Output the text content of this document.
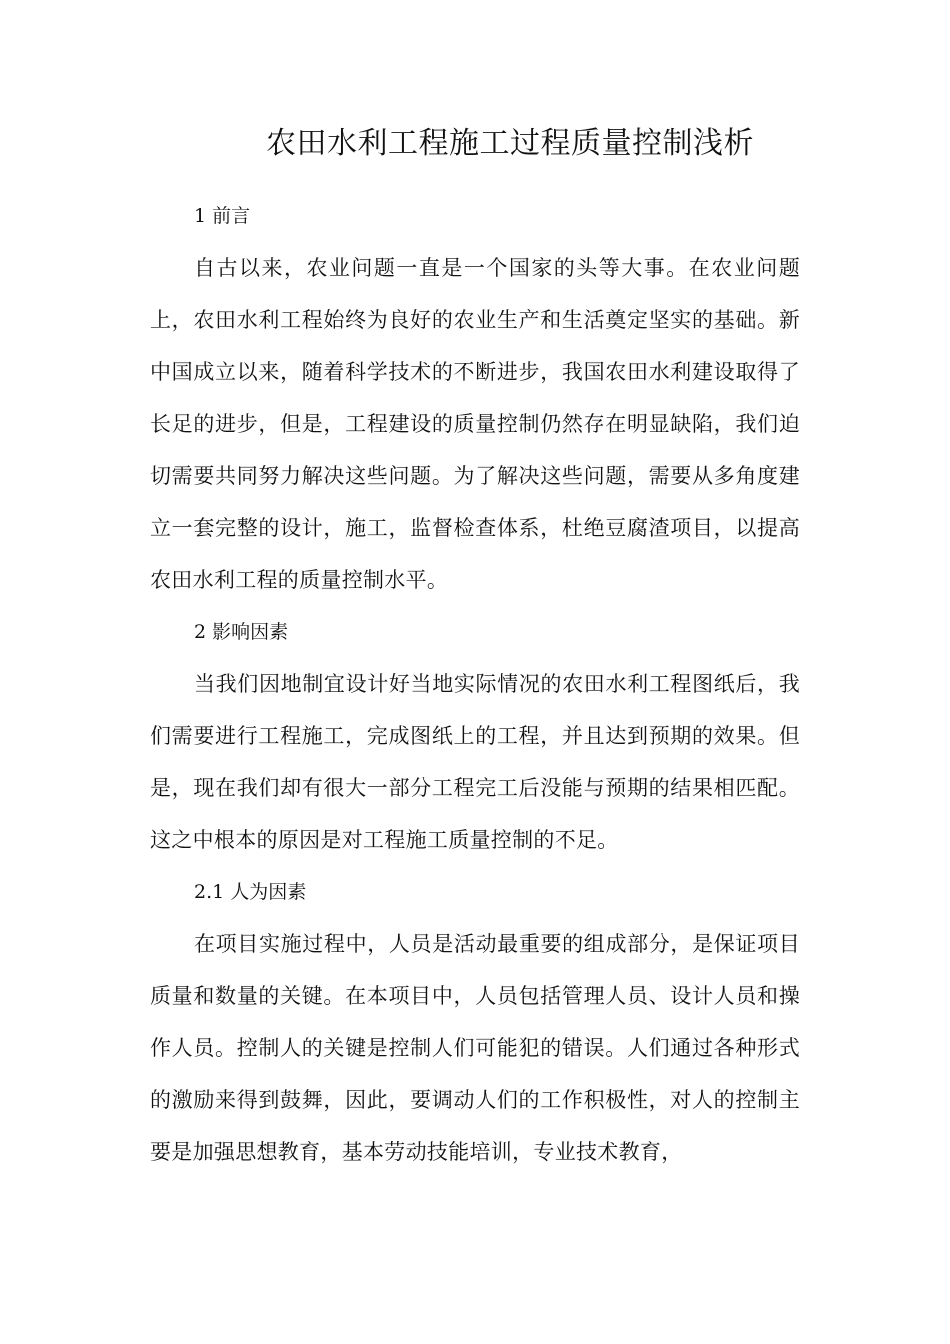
农田水利工程施工过程质量控制浅析

1 前言

自古以来，农业问题一直是一个国家的头等大事。在农业问题上，农田水利工程始终为良好的农业生产和生活奠定坚实的基础。新中国成立以来，随着科学技术的不断进步，我国农田水利建设取得了长足的进步，但是，工程建设的质量控制仍然存在明显缺陷，我们迫切需要共同努力解决这些问题。为了解决这些问题，需要从多角度建立一套完整的设计，施工，监督检查体系，杜绝豆腐渣项目，以提高农田水利工程的质量控制水平。

2 影响因素

当我们因地制宜设计好当地实际情况的农田水利工程图纸后，我们需要进行工程施工，完成图纸上的工程，并且达到预期的效果。但是，现在我们却有很大一部分工程完工后没能与预期的结果相匹配。这之中根本的原因是对工程施工质量控制的不足。

2.1 人为因素

在项目实施过程中，人员是活动最重要的组成部分，是保证项目质量和数量的关键。在本项目中，人员包括管理人员、设计人员和操作人员。控制人的关键是控制人们可能犯的错误。人们通过各种形式的激励来得到鼓舞，因此，要调动人们的工作积极性，对人的控制主要是加强思想教育，基本劳动技能培训，专业技术教育，
